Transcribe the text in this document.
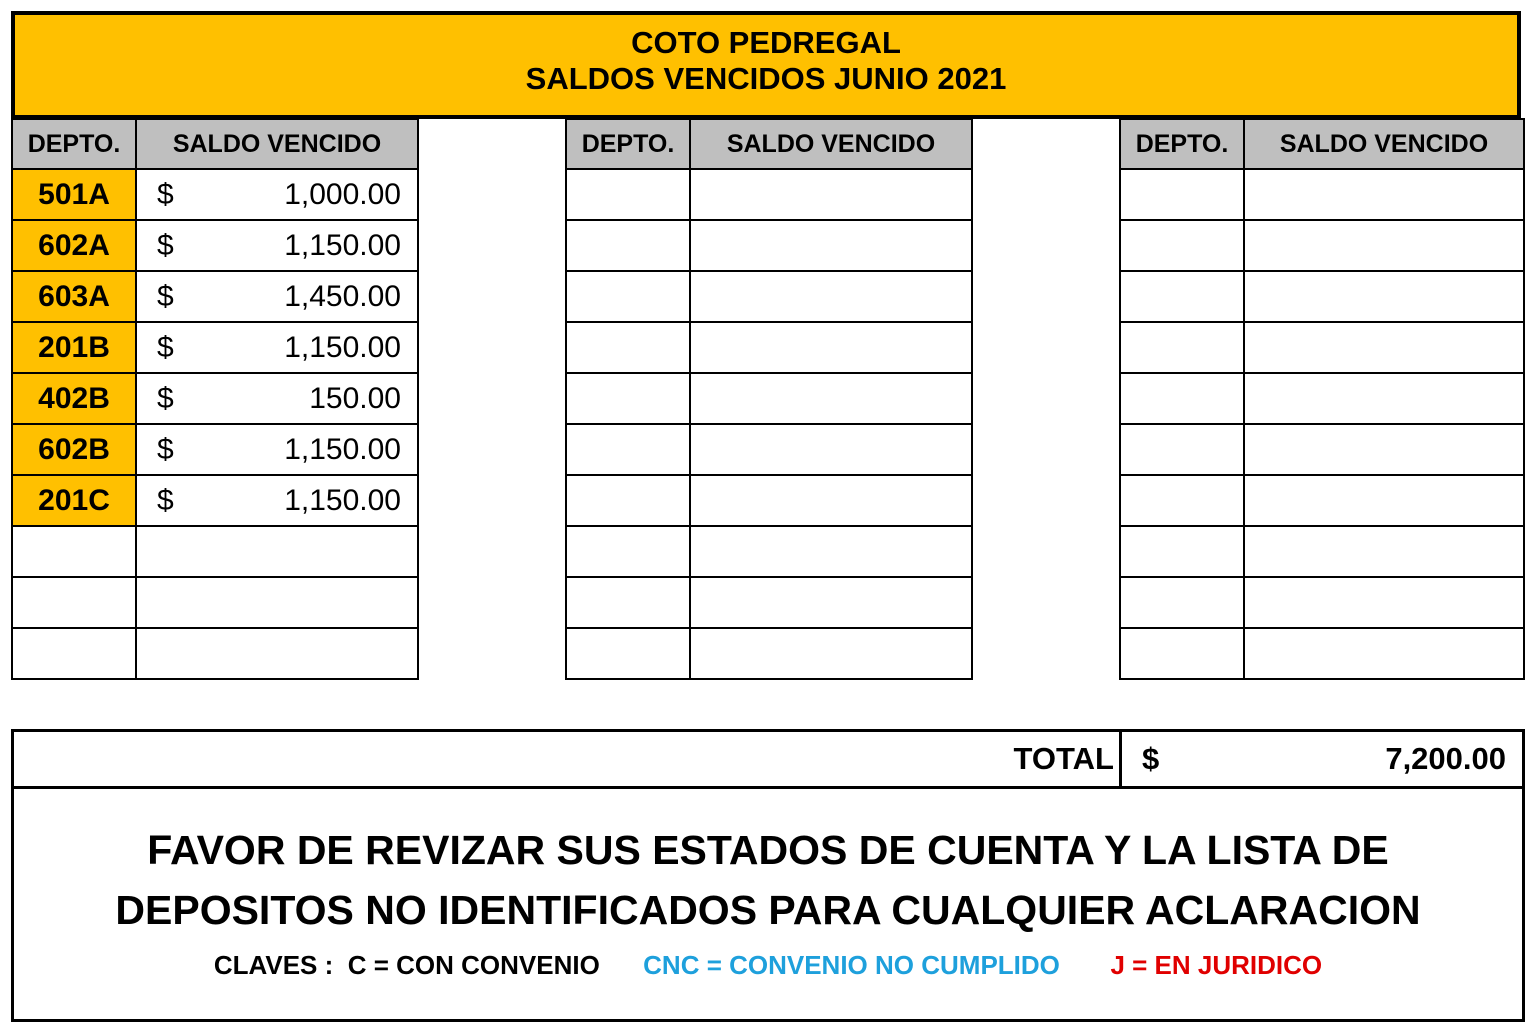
COTO PEDREGAL
SALDOS VENCIDOS JUNIO 2021
DEPTO.	SALDO VENCIDO
501A	$ 1,000.00

602A	$ 1,150.00

603A	$ 1,450.00

201B	$ 1,150.00

402B	$ 150.00

602B	$ 1,150.00

201C	$ 1,150.00

DEPTO.	SALDO VENCIDO

		DEPTO.	SALDO VENCIDO

TOTAL $	7,200.00
FAVOR DE REVIZAR SUS ESTADOS DE CUENTA Y LA LISTA DE
DEPOSITOS NO IDENTIFICADOS PARA CUALQUIER ACLARACION
CLAVES :  C = CON CONVENIO CNC = CONVENIO NO CUMPLIDO J = EN JURIDICO
